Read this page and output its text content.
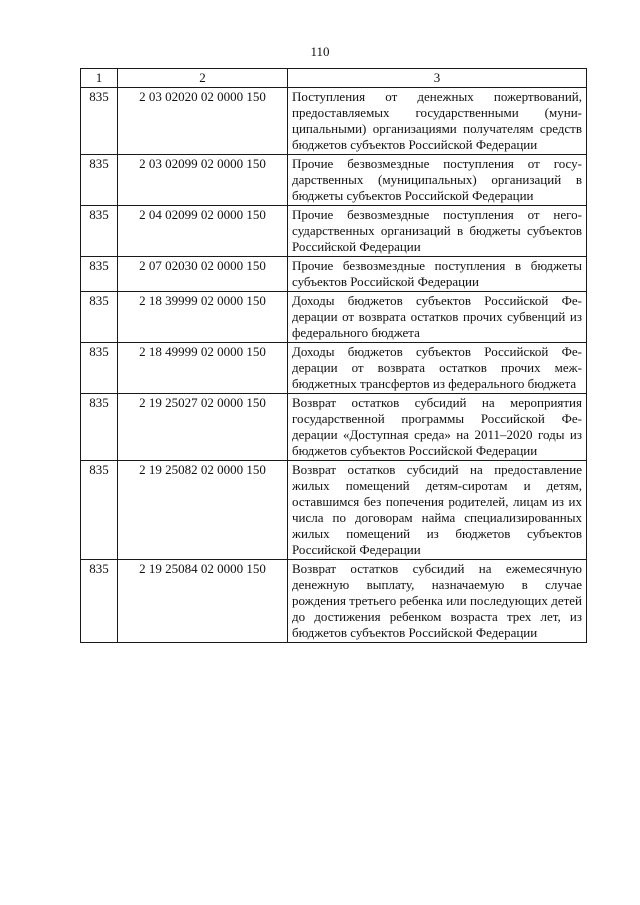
110
1	2	3
835	2 03 02020 02 0000 150	Поступления от денежных пожертвований, предоставляемых государственными (муниципальными) организациями получателям средств бюджетов субъектов Российской Федерации
835	2 03 02099 02 0000 150	Прочие безвозмездные поступления от государственных (муниципальных) организаций в бюджеты субъектов Российской Федерации
835	2 04 02099 02 0000 150	Прочие безвозмездные поступления от негосударственных организаций в бюджеты субъектов Российской Федерации
835	2 07 02030 02 0000 150	Прочие безвозмездные поступления в бюджеты субъектов Российской Федерации
835	2 18 39999 02 0000 150	Доходы бюджетов субъектов Российской Федерации от возврата остатков прочих субвенций из федерального бюджета
835	2 18 49999 02 0000 150	Доходы бюджетов субъектов Российской Федерации от возврата остатков прочих межбюджетных трансфертов из федерального бюджета
835	2 19 25027 02 0000 150	Возврат остатков субсидий на мероприятия государственной программы Российской Федерации «Доступная среда» на 2011–2020 годы из бюджетов субъектов Российской Федерации
835	2 19 25082 02 0000 150	Возврат остатков субсидий на предоставление жилых помещений детям-сиротам и детям, оставшимся без попечения родителей, лицам из их числа по договорам найма специализированных жилых помещений из бюджетов субъектов Российской Федерации
835	2 19 25084 02 0000 150	Возврат остатков субсидий на ежемесячную денежную выплату, назначаемую в случае рождения третьего ребенка или последующих детей до достижения ребенком возраста трех лет, из бюджетов субъектов Российской Федерации
